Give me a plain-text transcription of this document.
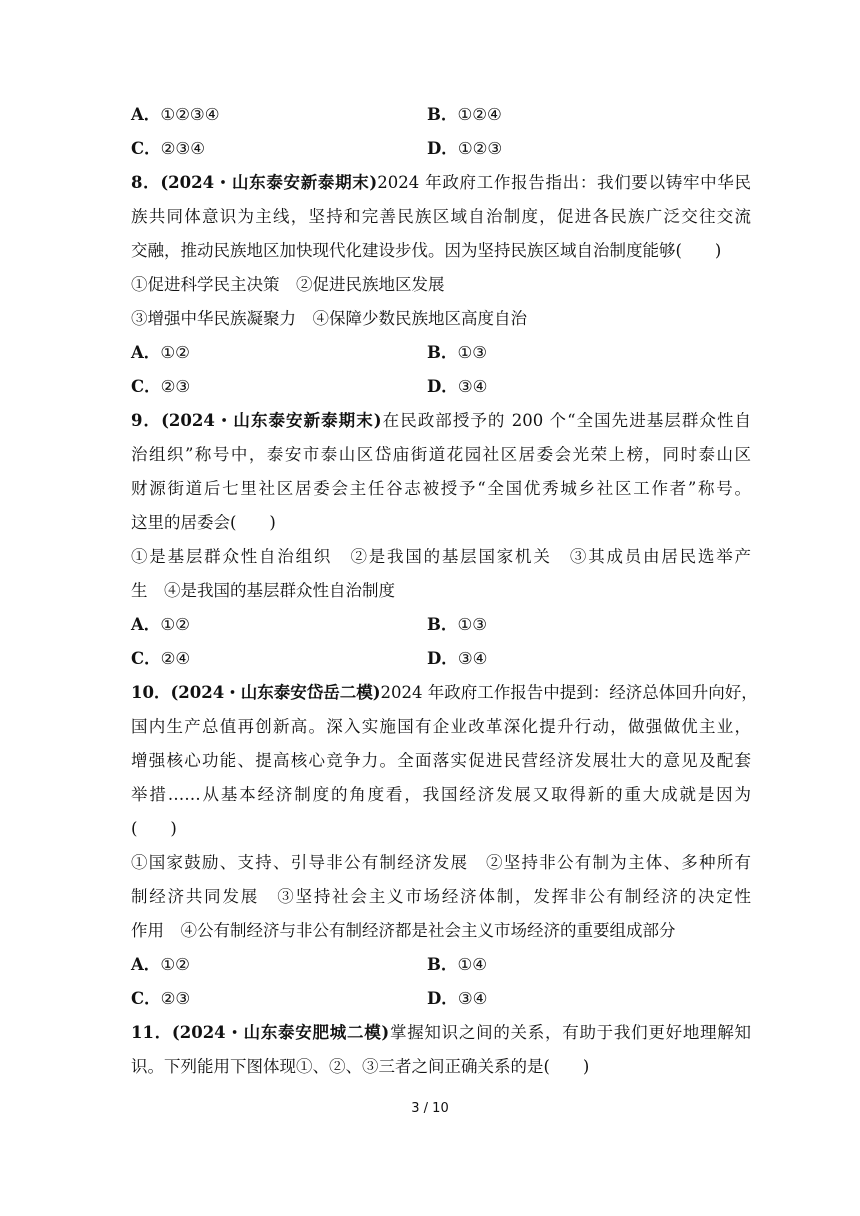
A．①②③④	B．①②④
C．②③④	D．①②③
8．(2024・山东泰安新泰期末)2024 年政府工作报告指出：我们要以铸牢中华民
族共同体意识为主线，坚持和完善民族区域自治制度，促进各民族广泛交往交流
交融，推动民族地区加快现代化建设步伐。因为坚持民族区域自治制度能够(　　)
①促进科学民主决策　②促进民族地区发展
③增强中华民族凝聚力　④保障少数民族地区高度自治
A．①②	B．①③
C．②③	D．③④
9．(2024・山东泰安新泰期末)在民政部授予的 200 个“全国先进基层群众性自
治组织”称号中，泰安市泰山区岱庙街道花园社区居委会光荣上榜，同时泰山区
财源街道后七里社区居委会主任谷志被授予“全国优秀城乡社区工作者”称号。
这里的居委会(　　)
①是基层群众性自治组织　②是我国的基层国家机关　③其成员由居民选举产
生　④是我国的基层群众性自治制度
A．①②	B．①③
C．②④	D．③④
10．(2024・山东泰安岱岳二模)2024 年政府工作报告中提到：经济总体回升向好，
国内生产总值再创新高。深入实施国有企业改革深化提升行动，做强做优主业，
增强核心功能、提高核心竞争力。全面落实促进民营经济发展壮大的意见及配套
举措……从基本经济制度的角度看，我国经济发展又取得新的重大成就是因为
(　　)
①国家鼓励、支持、引导非公有制经济发展　②坚持非公有制为主体、多种所有
制经济共同发展　③坚持社会主义市场经济体制，发挥非公有制经济的决定性
作用　④公有制经济与非公有制经济都是社会主义市场经济的重要组成部分
A．①②	B．①④
C．②③	D．③④
11．(2024・山东泰安肥城二模)掌握知识之间的关系，有助于我们更好地理解知
识。下列能用下图体现①、②、③三者之间正确关系的是(　　)
3 / 10
